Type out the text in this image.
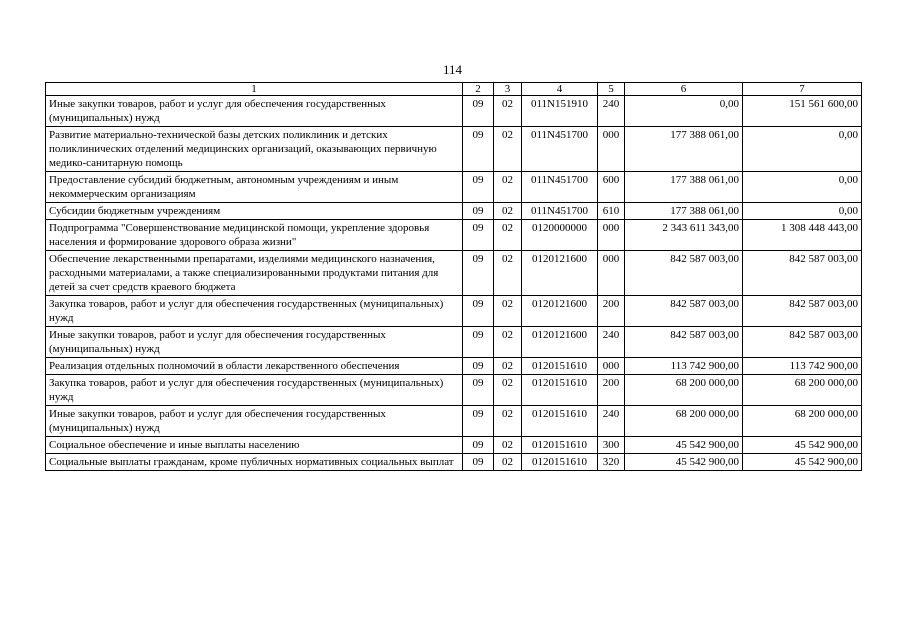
114
1	2	3	4	5	6	7
Иные закупки товаров, работ и услуг для обеспечения государственных (муниципальных) нужд	09	02	011N151910	240	0,00	151 561 600,00
Развитие материально-технической базы детских поликлиник и детских поликлинических отделений медицинских организаций, оказывающих первичную медико-санитарную помощь	09	02	011N451700	000	177 388 061,00	0,00
Предоставление субсидий бюджетным, автономным учреждениям и иным некоммерческим организациям	09	02	011N451700	600	177 388 061,00	0,00
Субсидии бюджетным учреждениям	09	02	011N451700	610	177 388 061,00	0,00
Подпрограмма "Совершенствование медицинской помощи, укрепление здоровья населения и формирование здорового образа жизни"	09	02	0120000000	000	2 343 611 343,00	1 308 448 443,00
Обеспечение лекарственными препаратами, изделиями медицинского назначения, расходными материалами, а также специализированными продуктами питания для детей за счет средств краевого бюджета	09	02	0120121600	000	842 587 003,00	842 587 003,00
Закупка товаров, работ и услуг для обеспечения государственных (муниципальных) нужд	09	02	0120121600	200	842 587 003,00	842 587 003,00
Иные закупки товаров, работ и услуг для обеспечения государственных (муниципальных) нужд	09	02	0120121600	240	842 587 003,00	842 587 003,00
Реализация отдельных полномочий в области лекарственного обеспечения	09	02	0120151610	000	113 742 900,00	113 742 900,00
Закупка товаров, работ и услуг для обеспечения государственных (муниципальных) нужд	09	02	0120151610	200	68 200 000,00	68 200 000,00
Иные закупки товаров, работ и услуг для обеспечения государственных (муниципальных) нужд	09	02	0120151610	240	68 200 000,00	68 200 000,00
Социальное обеспечение и иные выплаты населению	09	02	0120151610	300	45 542 900,00	45 542 900,00
Социальные выплаты гражданам, кроме публичных нормативных социальных выплат	09	02	0120151610	320	45 542 900,00	45 542 900,00
